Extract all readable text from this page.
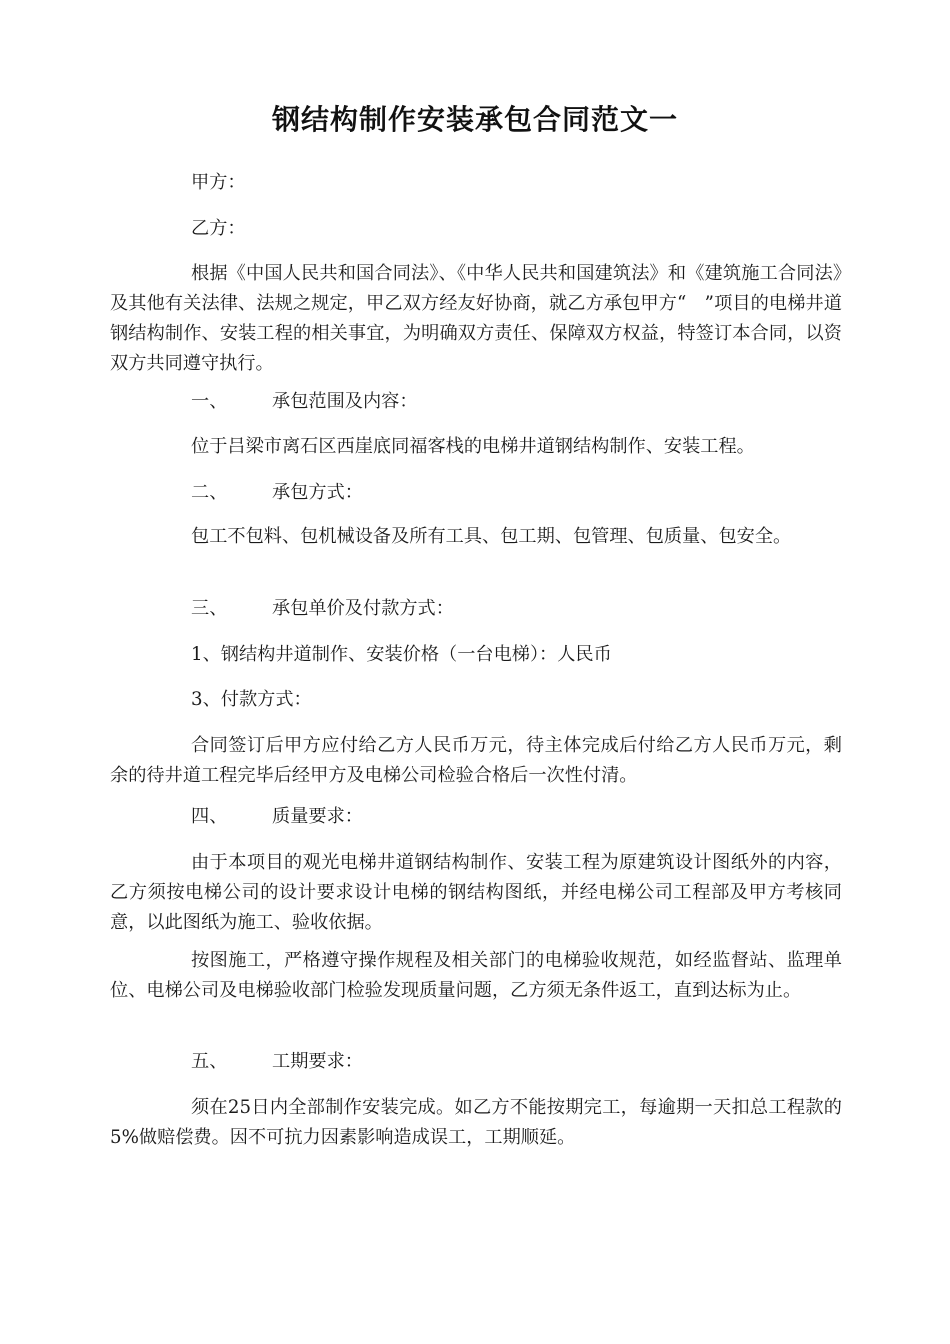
钢结构制作安装承包合同范文一
甲方：
乙方：

根据《中国人民共和国合同法》、《中华人民共和国建筑法》和《建筑施工合同法》及其他有关法律、法规之规定，甲乙双方经友好协商，就乙方承包甲方“　”项目的电梯井道钢结构制作、安装工程的相关事宜，为明确双方责任、保障双方权益，特签订本合同，以资双方共同遵守执行。

一、 承包范围及内容：

位于吕梁市离石区西崖底同福客栈的电梯井道钢结构制作、安装工程。

二、 承包方式：

包工不包料、包机械设备及所有工具、包工期、包管理、包质量、包安全。

三、 承包单价及付款方式：
1、钢结构井道制作、安装价格（一台电梯）：人民币
3、付款方式：

合同签订后甲方应付给乙方人民币万元，待主体完成后付给乙方人民币万元，剩余的待井道工程完毕后经甲方及电梯公司检验合格后一次性付清。

四、 质量要求：

由于本项目的观光电梯井道钢结构制作、安装工程为原建筑设计图纸外的内容，乙方须按电梯公司的设计要求设计电梯的钢结构图纸，并经电梯公司工程部及甲方考核同意，以此图纸为施工、验收依据。

按图施工，严格遵守操作规程及相关部门的电梯验收规范，如经监督站、监理单位、电梯公司及电梯验收部门检验发现质量问题，乙方须无条件返工，直到达标为止。

五、 工期要求：

须在25日内全部制作安装完成。如乙方不能按期完工，每逾期一天扣总工程款的5%做赔偿费。因不可抗力因素影响造成误工，工期顺延。
